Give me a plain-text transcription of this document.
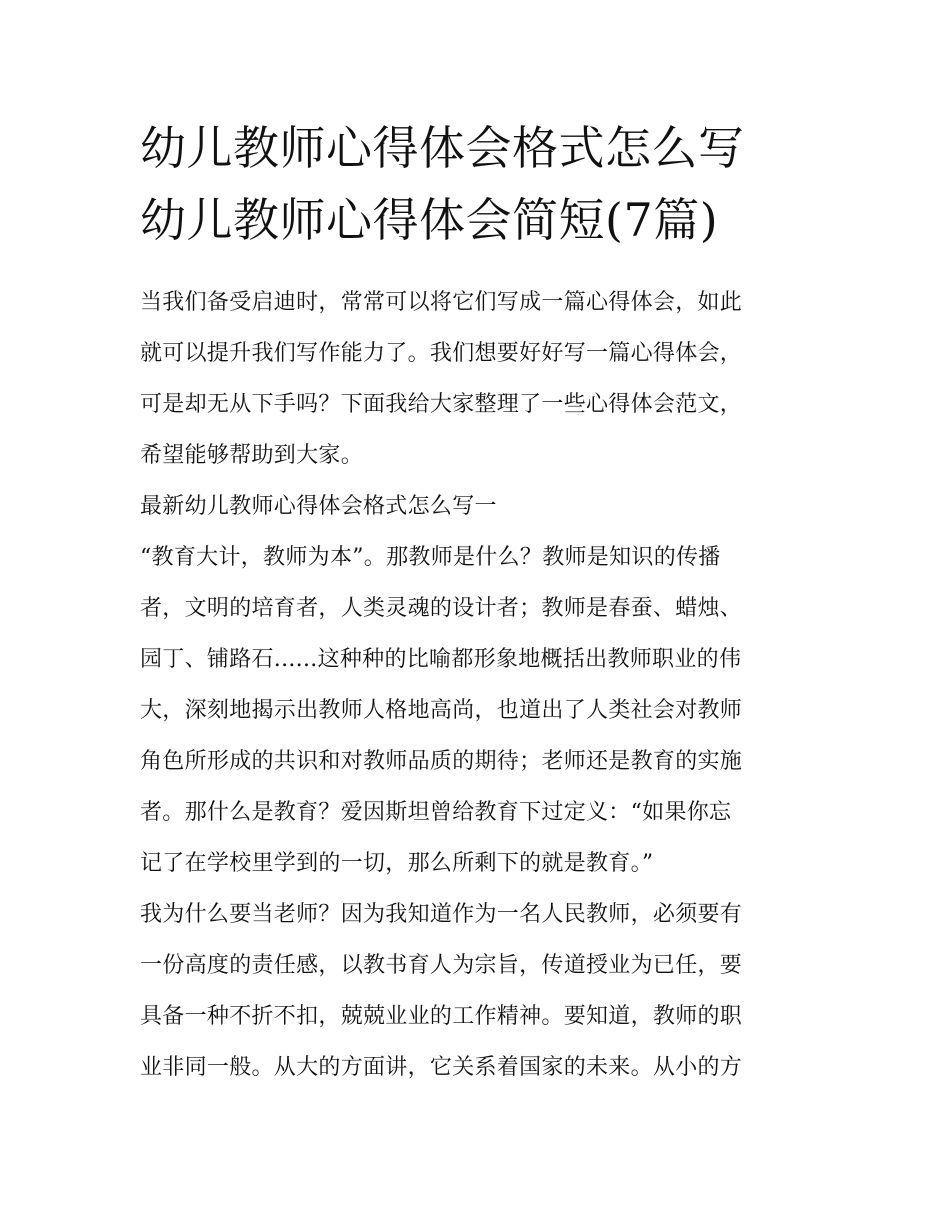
幼儿教师心得体会格式怎么写
幼儿教师心得体会简短(7篇)
当我们备受启迪时，常常可以将它们写成一篇心得体会，如此
就可以提升我们写作能力了。我们想要好好写一篇心得体会，
可是却无从下手吗？下面我给大家整理了一些心得体会范文，
希望能够帮助到大家。
最新幼儿教师心得体会格式怎么写一
“教育大计，教师为本”。那教师是什么？教师是知识的传播
者，文明的培育者，人类灵魂的设计者；教师是春蚕、蜡烛、
园丁、铺路石......这种种的比喻都形象地概括出教师职业的伟
大，深刻地揭示出教师人格地高尚，也道出了人类社会对教师
角色所形成的共识和对教师品质的期待；老师还是教育的实施
者。那什么是教育？爱因斯坦曾给教育下过定义：“如果你忘
记了在学校里学到的一切，那么所剩下的就是教育。”
我为什么要当老师？因为我知道作为一名人民教师，必须要有
一份高度的责任感，以教书育人为宗旨，传道授业为已任，要
具备一种不折不扣，兢兢业业的工作精神。要知道，教师的职
业非同一般。从大的方面讲，它关系着国家的未来。从小的方
